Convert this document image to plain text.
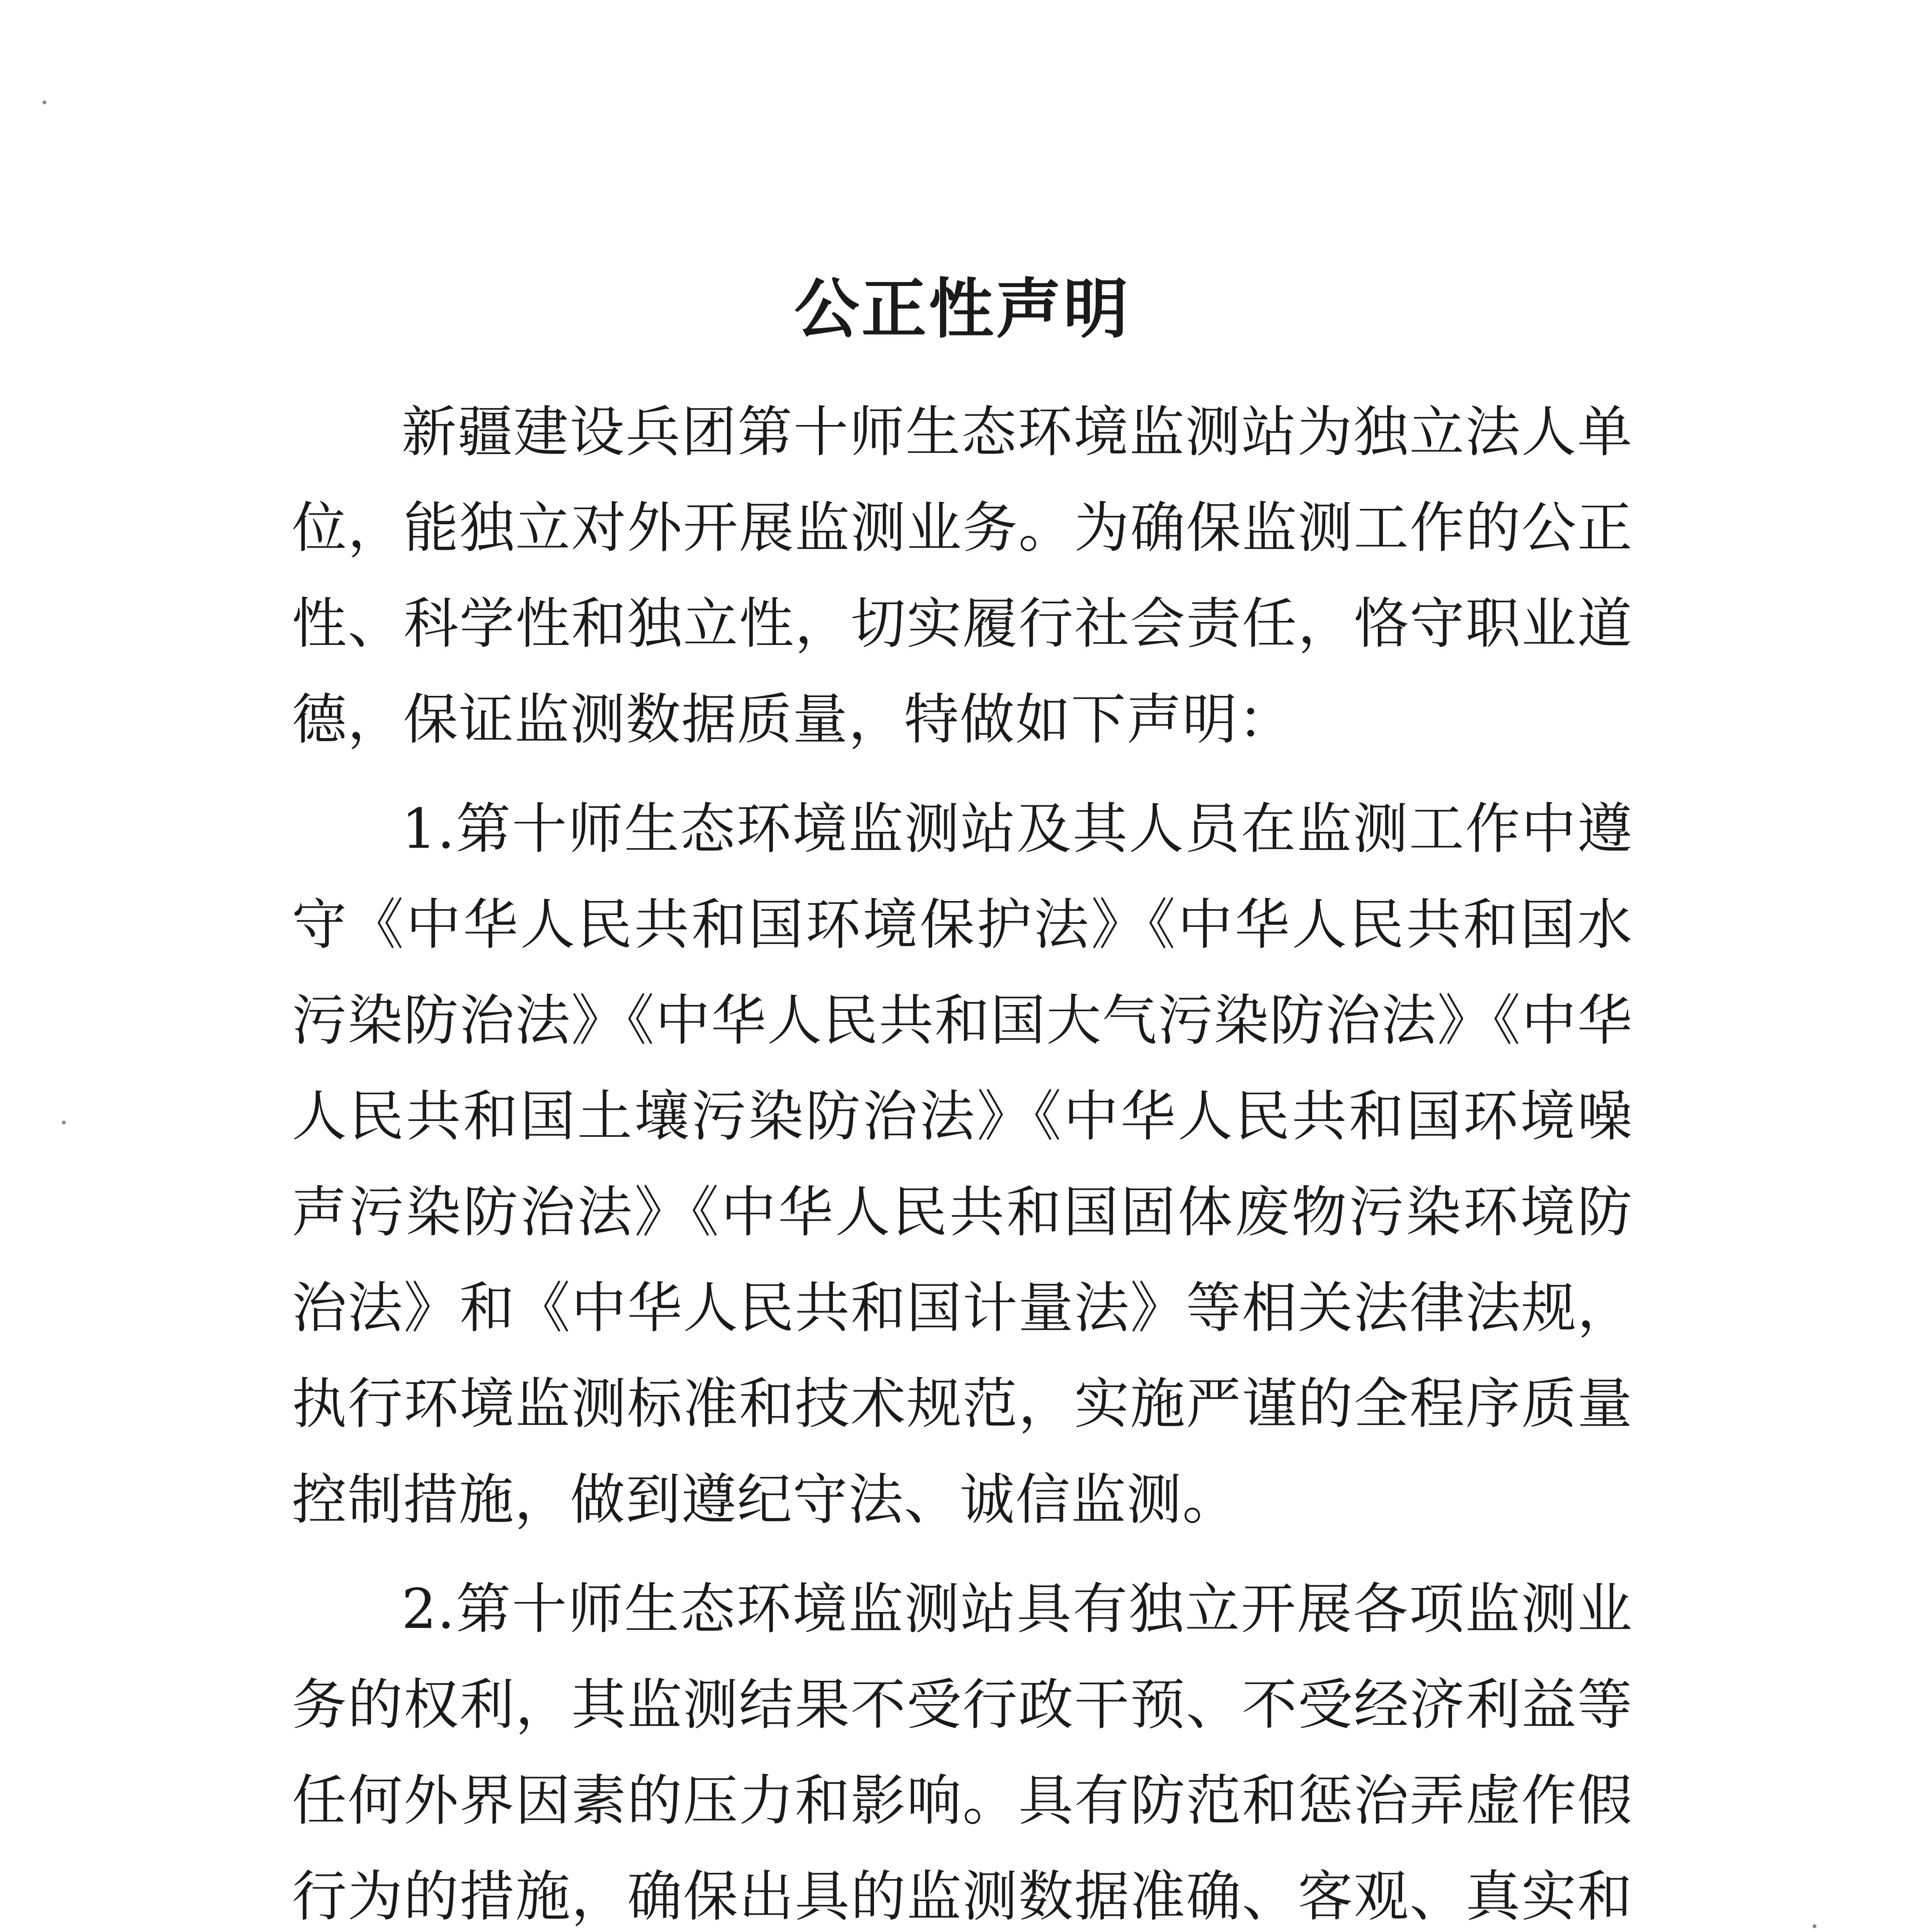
公正性声明

新疆建设兵团第十师生态环境监测站为独立法人单位，能独立对外开展监测业务。为确保监测工作的公正性、科学性和独立性，切实履行社会责任，恪守职业道德，保证监测数据质量，特做如下声明：

1.第十师生态环境监测站及其人员在监测工作中遵守《中华人民共和国环境保护法》《中华人民共和国水污染防治法》《中华人民共和国大气污染防治法》《中华人民共和国土壤污染防治法》《中华人民共和国环境噪声污染防治法》《中华人民共和国固体废物污染环境防治法》和《中华人民共和国计量法》等相关法律法规，执行环境监测标准和技术规范，实施严谨的全程序质量控制措施，做到遵纪守法、诚信监测。

2.第十师生态环境监测站具有独立开展各项监测业务的权利，其监测结果不受行政干预、不受经济利益等任何外界因素的压力和影响。具有防范和惩治弄虚作假行为的措施，确保出具的监测数据准确、客观、真实和
